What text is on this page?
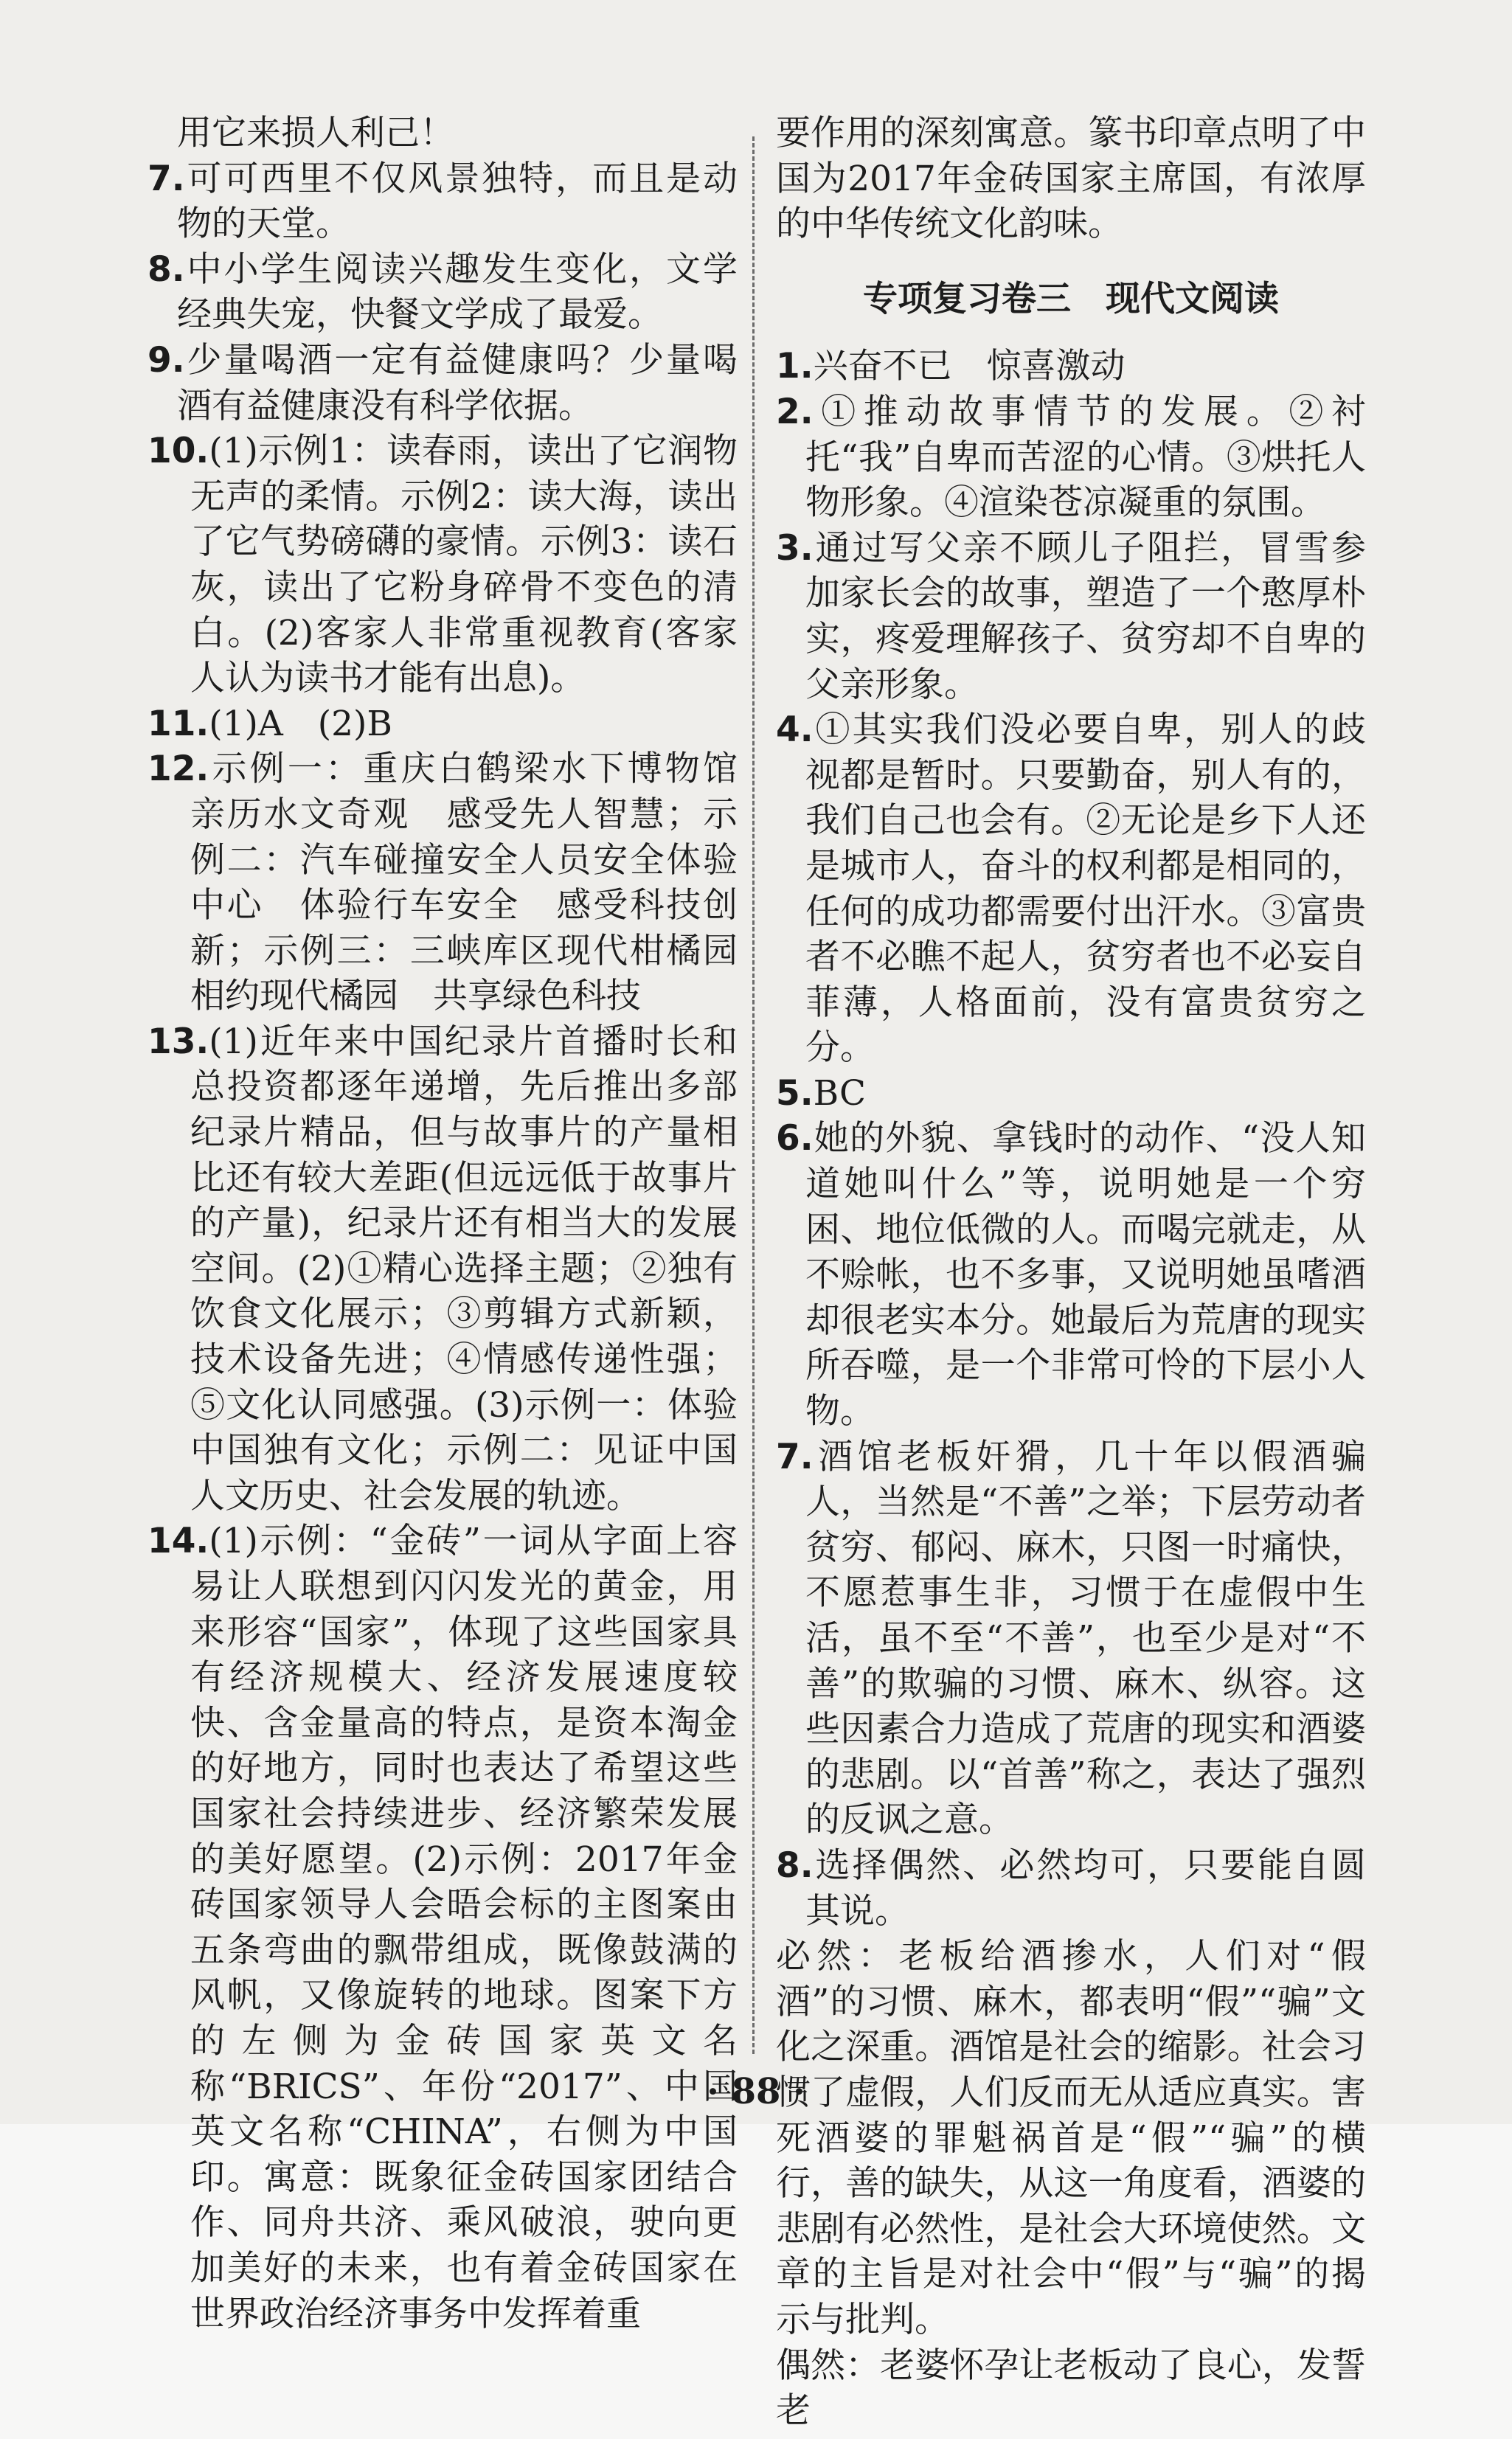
用它来损人利己！

7.可可西里不仅风景独特，而且是动物的天堂。

8.中小学生阅读兴趣发生变化，文学经典失宠，快餐文学成了最爱。

9.少量喝酒一定有益健康吗？少量喝酒有益健康没有科学依据。

10.(1)示例1：读春雨，读出了它润物无声的柔情。示例2：读大海，读出了它气势磅礴的豪情。示例3：读石灰，读出了它粉身碎骨不变色的清白。(2)客家人非常重视教育(客家人认为读书才能有出息)。

11.(1)A　(2)B

12.示例一：重庆白鹤梁水下博物馆　亲历水文奇观　感受先人智慧；示例二：汽车碰撞安全人员安全体验中心　体验行车安全　感受科技创新；示例三：三峡库区现代柑橘园　相约现代橘园　共享绿色科技

13.(1)近年来中国纪录片首播时长和总投资都逐年递增，先后推出多部纪录片精品，但与故事片的产量相比还有较大差距(但远远低于故事片的产量)，纪录片还有相当大的发展空间。(2)①精心选择主题；②独有饮食文化展示；③剪辑方式新颖，技术设备先进；④情感传递性强；⑤文化认同感强。(3)示例一：体验中国独有文化；示例二：见证中国人文历史、社会发展的轨迹。

14.(1)示例：“金砖”一词从字面上容易让人联想到闪闪发光的黄金，用来形容“国家”，体现了这些国家具有经济规模大、经济发展速度较快、含金量高的特点，是资本淘金的好地方，同时也表达了希望这些国家社会持续进步、经济繁荣发展的美好愿望。(2)示例：2017年金砖国家领导人会晤会标的主图案由五条弯曲的飘带组成，既像鼓满的风帆，又像旋转的地球。图案下方的左侧为金砖国家英文名称“BRICS”、年份“2017”、中国英文名称“CHINA”，右侧为中国印。寓意：既象征金砖国家团结合作、同舟共济、乘风破浪，驶向更加美好的未来，也有着金砖国家在世界政治经济事务中发挥着重

要作用的深刻寓意。篆书印章点明了中国为2017年金砖国家主席国，有浓厚的中华传统文化韵味。

专项复习卷三　现代文阅读

1.兴奋不已　惊喜激动

2.①推动故事情节的发展。②衬托“我”自卑而苦涩的心情。③烘托人物形象。④渲染苍凉凝重的氛围。

3.通过写父亲不顾儿子阻拦，冒雪参加家长会的故事，塑造了一个憨厚朴实，疼爱理解孩子、贫穷却不自卑的父亲形象。

4.①其实我们没必要自卑，别人的歧视都是暂时。只要勤奋，别人有的，我们自己也会有。②无论是乡下人还是城市人，奋斗的权利都是相同的，任何的成功都需要付出汗水。③富贵者不必瞧不起人，贫穷者也不必妄自菲薄，人格面前，没有富贵贫穷之分。

5.BC

6.她的外貌、拿钱时的动作、“没人知道她叫什么”等，说明她是一个穷困、地位低微的人。而喝完就走，从不赊帐，也不多事，又说明她虽嗜酒却很老实本分。她最后为荒唐的现实所吞噬，是一个非常可怜的下层小人物。

7.酒馆老板奸猾，几十年以假酒骗人，当然是“不善”之举；下层劳动者贫穷、郁闷、麻木，只图一时痛快，不愿惹事生非，习惯于在虚假中生活，虽不至“不善”，也至少是对“不善”的欺骗的习惯、麻木、纵容。这些因素合力造成了荒唐的现实和酒婆的悲剧。以“首善”称之，表达了强烈的反讽之意。

8.选择偶然、必然均可，只要能自圆其说。

必然：老板给酒掺水，人们对“假酒”的习惯、麻木，都表明“假”“骗”文化之深重。酒馆是社会的缩影。社会习惯了虚假，人们反而无从适应真实。害死酒婆的罪魁祸首是“假”“骗”的横行，善的缺失，从这一角度看，酒婆的悲剧有必然性，是社会大环境使然。文章的主旨是对社会中“假”与“骗”的揭示与批判。

偶然：老婆怀孕让老板动了良心，发誓老

· 88 ·
